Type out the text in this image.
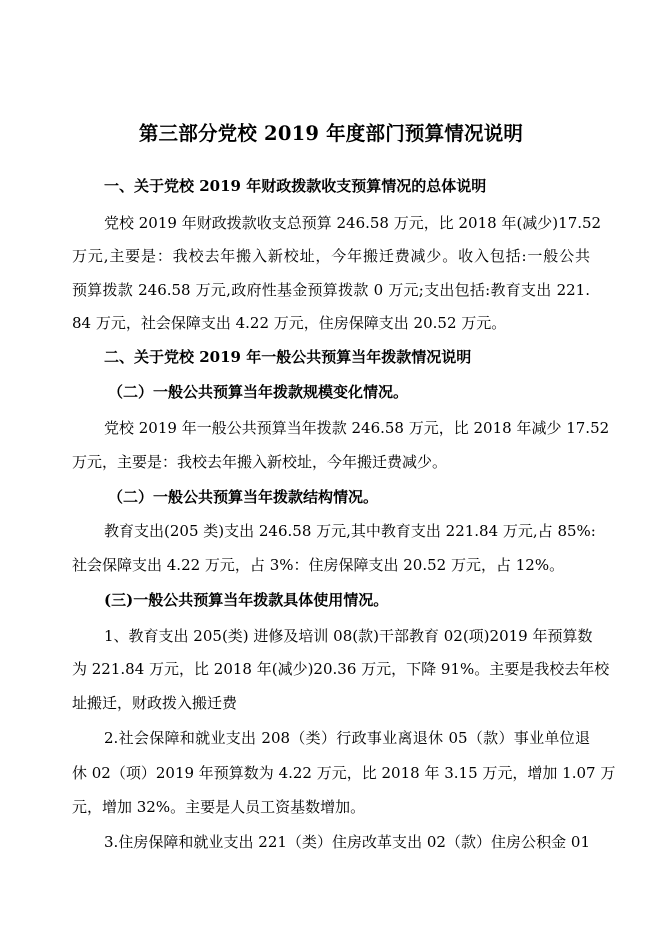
第三部分党校 2019 年度部门预算情况说明

一、关于党校 2019 年财政拨款收支预算情况的总体说明

党校 2019 年财政拨款收支总预算 246.58 万元，比 2018 年(减少)17.52

万元,主要是：我校去年搬入新校址，今年搬迁费减少。收入包括:一般公共

预算拨款 246.58 万元,政府性基金预算拨款 0 万元;支出包括:教育支出 221.

84 万元，社会保障支出 4.22 万元，住房保障支出 20.52 万元。

二、关于党校 2019 年一般公共预算当年拨款情况说明

（二）一般公共预算当年拨款规模变化情况。

党校 2019 年一般公共预算当年拨款 246.58 万元，比 2018 年减少 17.52

万元，主要是：我校去年搬入新校址，今年搬迁费减少。

（二）一般公共预算当年拨款结构情况。

教育支出(205 类)支出 246.58 万元,其中教育支出 221.84 万元,占 85%:

社会保障支出 4.22 万元，占 3%：住房保障支出 20.52 万元，占 12%。

(三)一般公共预算当年拨款具体使用情况。

1、教育支出 205(类) 进修及培训 08(款)干部教育 02(项)2019 年预算数

为 221.84 万元，比 2018 年(减少)20.36 万元，下降 91%。主要是我校去年校

址搬迁，财政拨入搬迁费

2.社会保障和就业支出 208（类）行政事业离退休 05（款）事业单位退

休 02（项）2019 年预算数为 4.22 万元，比 2018 年 3.15 万元，增加 1.07 万

元，增加 32%。主要是人员工资基数增加。

3.住房保障和就业支出 221（类）住房改革支出 02（款）住房公积金 01
